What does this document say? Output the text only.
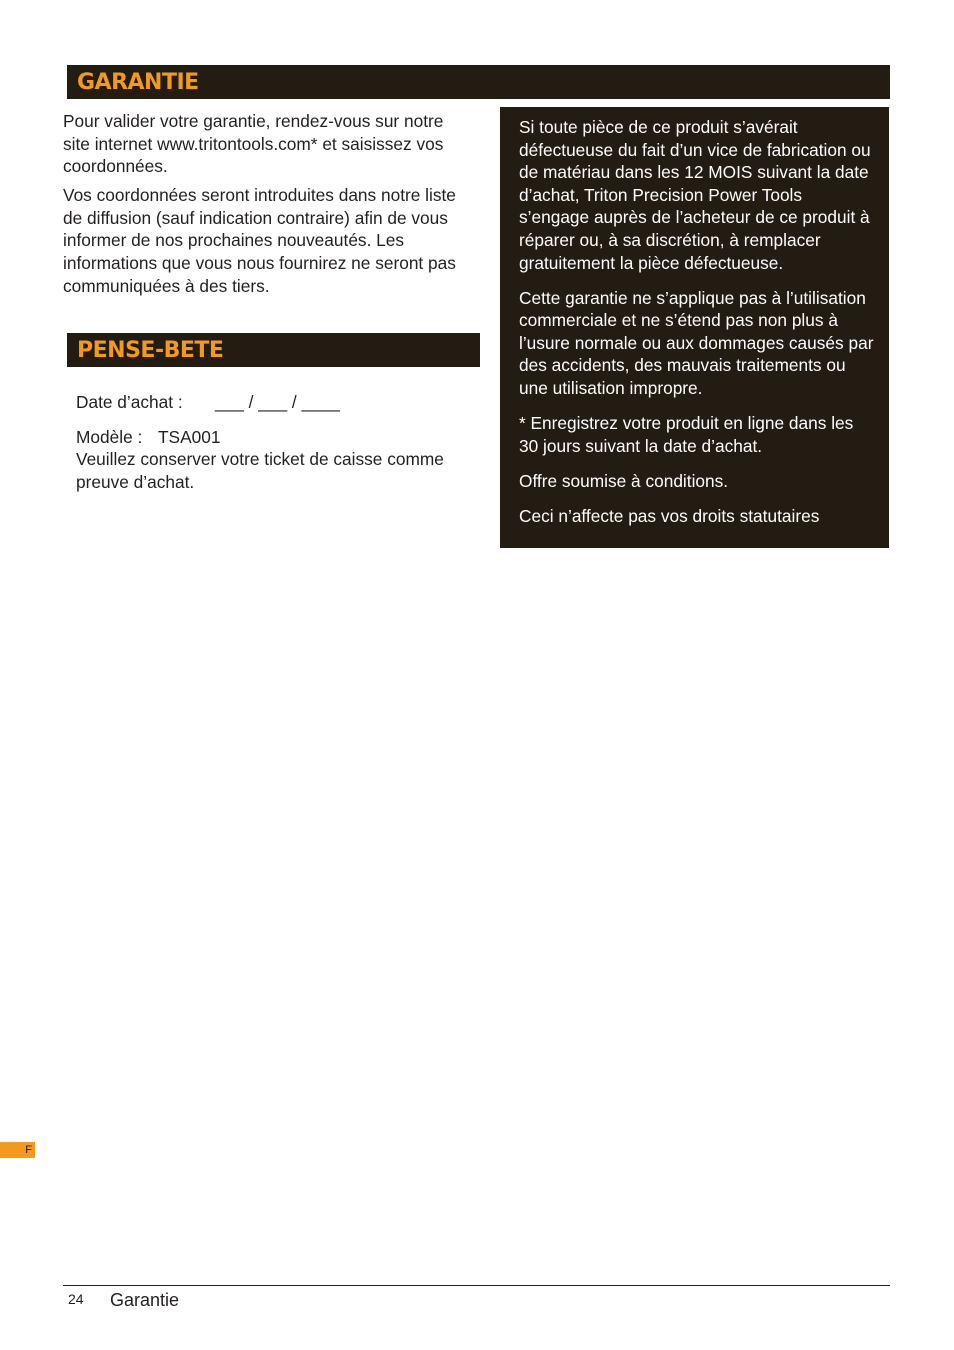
GARANTIE

Pour valider votre garantie, rendez-vous sur notre site internet www.tritontools.com* et saisissez vos coordonnées.

Vos coordonnées seront introduites dans notre liste de diffusion (sauf indication contraire) afin de vous informer de nos prochaines nouveautés. Les informations que vous nous fournirez ne seront pas communiquées à des tiers.

PENSE-BETE
Date d’achat : ___ / ___ / ____
Modèle : TSA001
Veuillez conserver votre ticket de caisse comme preuve d’achat.

Si toute pièce de ce produit s’avérait défectueuse du fait d’un vice de fabrication ou de matériau dans les 12 MOIS suivant la date d’achat, Triton Precision Power Tools s’engage auprès de l’acheteur de ce produit à réparer ou, à sa discrétion, à remplacer gratuitement la pièce défectueuse.

Cette garantie ne s’applique pas à l’utilisation commerciale et ne s’étend pas non plus à l’usure normale ou aux dommages causés par des accidents, des mauvais traitements ou une utilisation impropre.

* Enregistrez votre produit en ligne dans les 30 jours suivant la date d’achat.

Offre soumise à conditions.

Ceci n’affecte pas vos droits statutaires

F
24 Garantie
